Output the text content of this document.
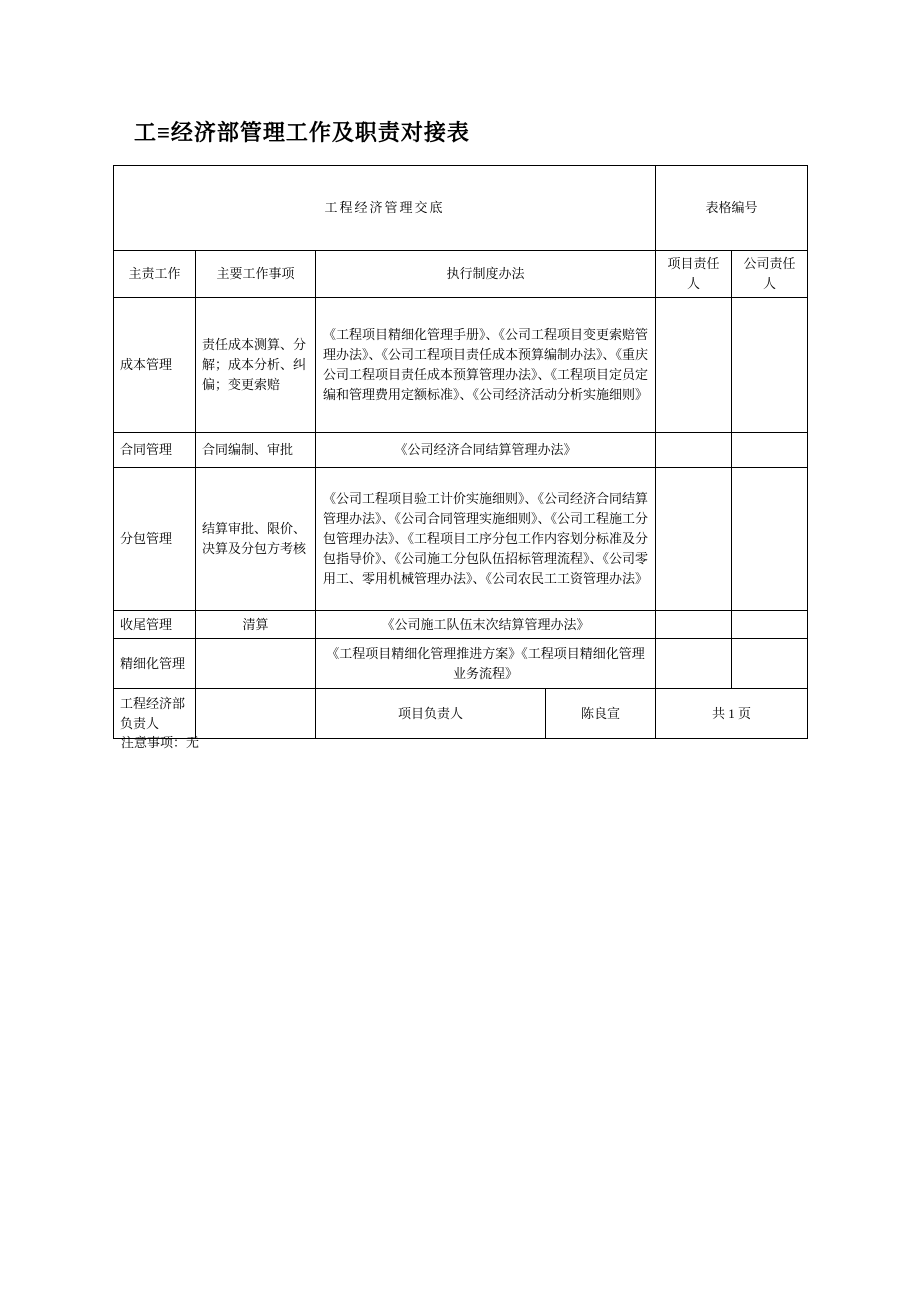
工≡经济部管理工作及职责对接表
工程经济管理交底				表格编号	
主责工作	主要工作事项	执行制度办法		项目责任人	公司责任人
成本管理	责任成本测算、分解；成本分析、纠偏；变更索赔	《工程项目精细化管理手册》、《公司工程项目变更索赔管理办法》、《公司工程项目责任成本预算编制办法》、《重庆公司工程项目责任成本预算管理办法》、《工程项目定员定编和管理费用定额标准》、《公司经济活动分析实施细则》			
合同管理	合同编制、审批	《公司经济合同结算管理办法》			
分包管理	结算审批、限价、决算及分包方考核	《公司工程项目验工计价实施细则》、《公司经济合同结算管理办法》、《公司合同管理实施细则》、《公司工程施工分包管理办法》、《工程项目工序分包工作内容划分标准及分包指导价》、《公司施工分包队伍招标管理流程》、《公司零用工、零用机械管理办法》、《公司农民工工资管理办法》			
收尾管理	清算	《公司施工队伍末次结算管理办法》			
精细化管理		《工程项目精细化管理推进方案》《工程项目精细化管理业务流程》			
工程经济部负责人		项目负责人	陈良宣	共 1 页	
注意事项：无
